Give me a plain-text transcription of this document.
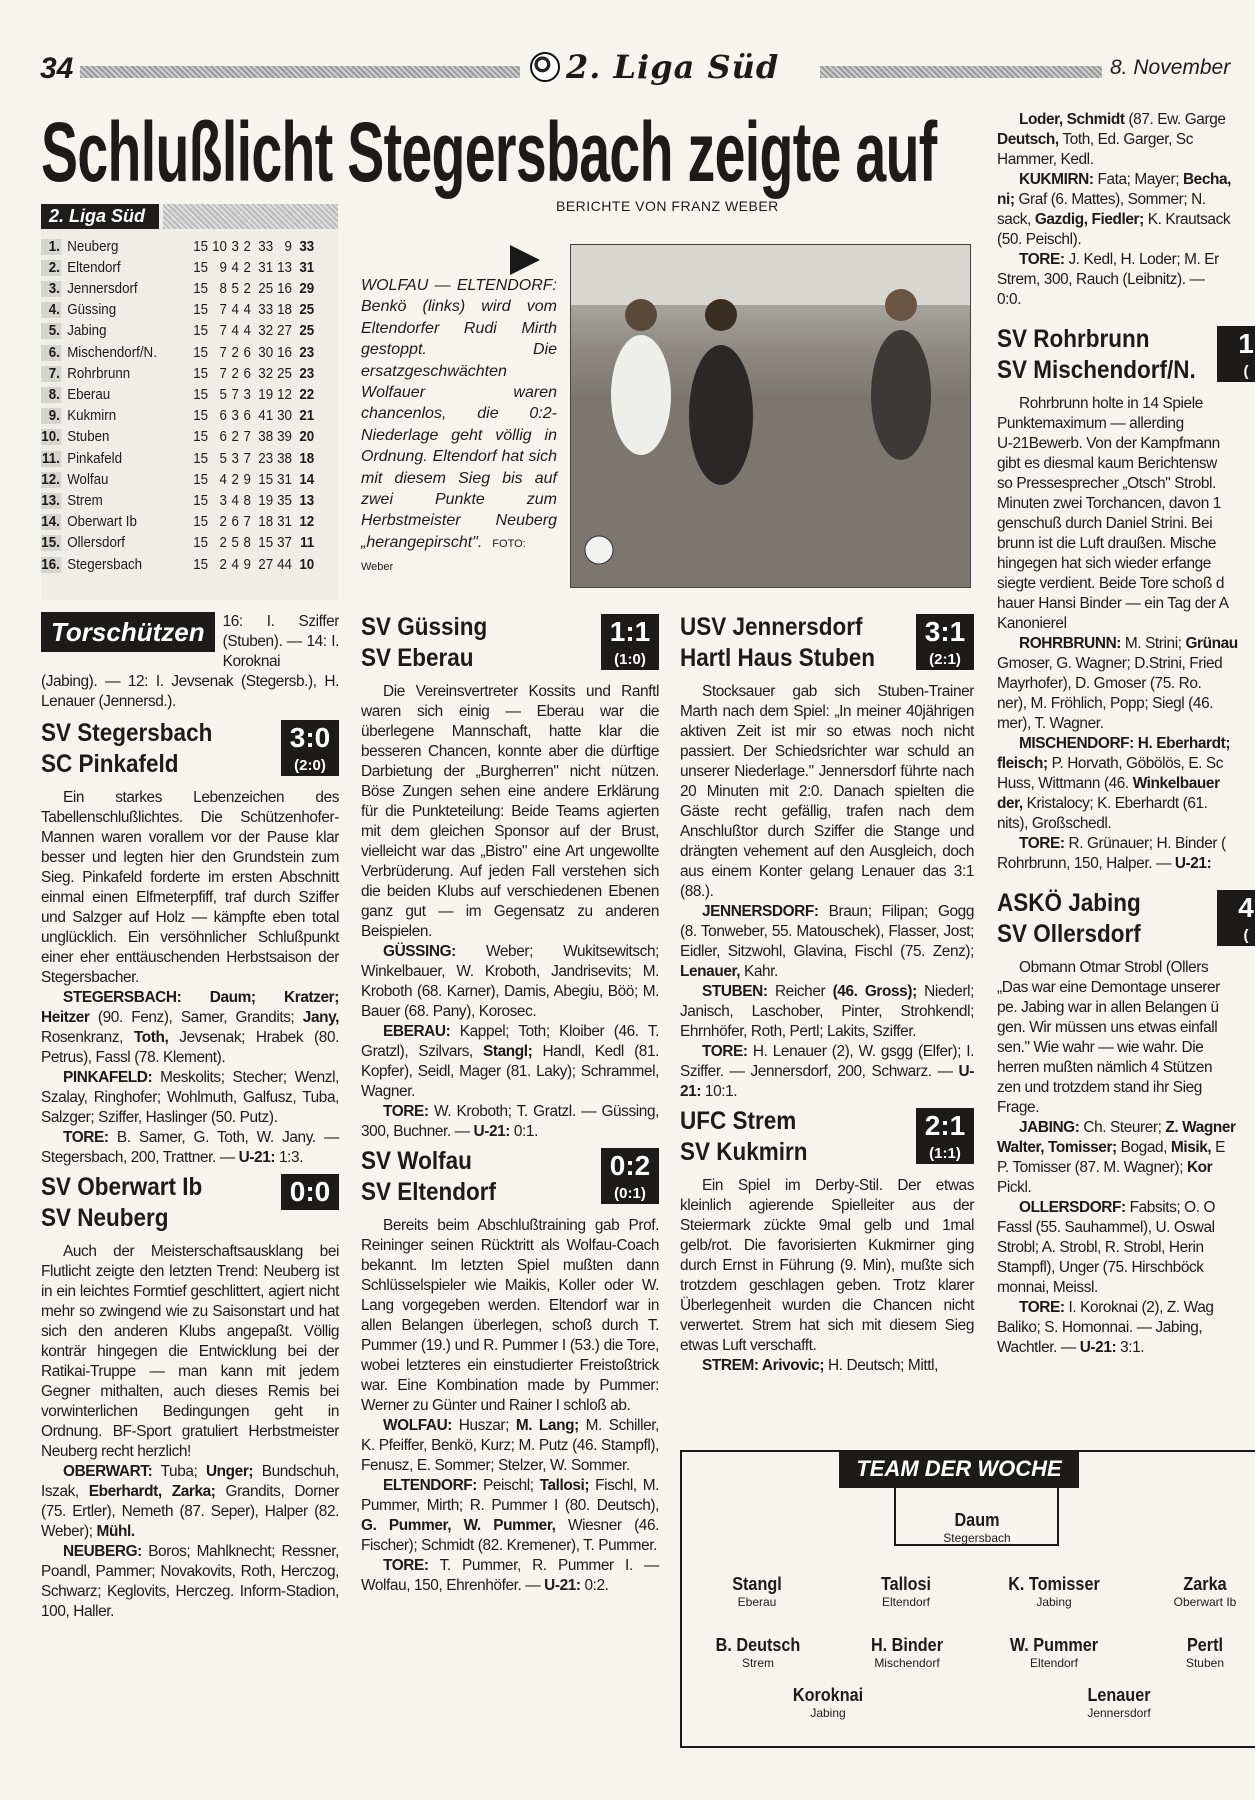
34	2. Liga Süd	8. November
Schlußlicht Stegersbach zeigte auf
BERICHTE VON FRANZ WEBER
2. Liga Süd
1. Neuberg	15 10 3 2 33 9 33
2. Eltendorf	15 9 4 2 31 13 31
3. Jennersdorf	15 8 5 2 25 16 29
4. Güssing	15 7 4 4 33 18 25
5. Jabing	15 7 4 4 32 27 25
6. Mischendorf/N.	15 7 2 6 30 16 23
7. Rohrbrunn	15 7 2 6 32 25 23
8. Eberau	15 5 7 3 19 12 22
9. Kukmirn	15 6 3 6 41 30 21
10. Stuben	15 6 2 7 38 39 20
11. Pinkafeld	15 5 3 7 23 38 18
12. Wolfau	15 4 2 9 15 31 14
13. Strem	15 3 4 8 19 35 13
14. Oberwart Ib	15 2 6 7 18 31 12
15. Ollersdorf	15 2 5 8 15 37 11
16. Stegersbach	15 2 4 9 27 44 10
WOLFAU — ELTENDORF: Benkö (links) wird vom Eltendorfer Rudi Mirth gestoppt. Die ersatzgeschwächten Wolfauer waren chancenlos, die 0:2-Niederlage geht völlig in Ordnung. Eltendorf hat sich mit diesem Sieg bis auf zwei Punkte zum Herbstmeister Neuberg „herangepirscht". FOTO: Weber
Torschützen	16: I. Sziffer (Stuben). — 14: I. Koroknai (Jabing). — 12: I. Jevsenak (Stegersb.), H. Lenauer (Jennersd.).
SV Stegersbach
SC Pinkafeld
3:0
(2:0)

Ein starkes Lebenzeichen des Tabellenschlußlichtes. Die Schützenhofer-Mannen waren vorallem vor der Pause klar besser und legten hier den Grundstein zum Sieg. Pinkafeld forderte im ersten Abschnitt einmal einen Elfmeterpfiff, traf durch Sziffer und Salzger auf Holz — kämpfte eben total unglücklich. Ein versöhnlicher Schlußpunkt einer eher enttäuschenden Herbstsaison der Stegersbacher.

STEGERSBACH: Daum; Kratzer; Heitzer (90. Fenz), Samer, Grandits; Jany, Rosenkranz, Toth, Jevsenak; Hrabek (80. Petrus), Fassl (78. Klement).

PINKAFELD: Meskolits; Stecher; Wenzl, Szalay, Ringhofer; Wohlmuth, Galfusz, Tuba, Salzger; Sziffer, Haslinger (50. Putz).

TORE: B. Samer, G. Toth, W. Jany. — Stegersbach, 200, Trattner. — U-21: 1:3.

SV Oberwart Ib
SV Neuberg
0:0

Auch der Meisterschaftsausklang bei Flutlicht zeigte den letzten Trend: Neuberg ist in ein leichtes Formtief geschlittert, agiert nicht mehr so zwingend wie zu Saisonstart und hat sich den anderen Klubs angepaßt. Völlig konträr hingegen die Entwicklung bei der Ratikai-Truppe — man kann mit jedem Gegner mithalten, auch dieses Remis bei vorwinterlichen Bedingungen geht in Ordnung. BF-Sport gratuliert Herbstmeister Neuberg recht herzlich!

OBERWART: Tuba; Unger; Bundschuh, Iszak, Eberhardt, Zarka; Grandits, Dorner (75. Ertler), Nemeth (87. Seper), Halper (82. Weber); Mühl.

NEUBERG: Boros; Mahlknecht; Ressner, Poandl, Pammer; Novakovits, Roth, Herczog, Schwarz; Keglovits, Herczeg. Inform-Stadion, 100, Haller.

SV Güssing
SV Eberau
1:1
(1:0)

Die Vereinsvertreter Kossits und Ranftl waren sich einig — Eberau war die überlegene Mannschaft, hatte klar die besseren Chancen, konnte aber die dürftige Darbietung der „Burgherren" nicht nützen. Böse Zungen sehen eine andere Erklärung für die Punkteteilung: Beide Teams agierten mit dem gleichen Sponsor auf der Brust, vielleicht war das „Bistro" eine Art ungewollte Verbrüderung. Auf jeden Fall verstehen sich die beiden Klubs auf verschiedenen Ebenen ganz gut — im Gegensatz zu anderen Beispielen.

GÜSSING: Weber; Wukitsewitsch; Winkelbauer, W. Kroboth, Jandrisevits; M. Kroboth (68. Karner), Damis, Abegiu, Böö; M. Bauer (68. Pany), Korosec.

EBERAU: Kappel; Toth; Kloiber (46. T. Gratzl), Szilvars, Stangl; Handl, Kedl (81. Kopfer), Seidl, Mager (81. Laky); Schrammel, Wagner.

TORE: W. Kroboth; T. Gratzl. — Güssing, 300, Buchner. — U-21: 0:1.

SV Wolfau
SV Eltendorf
0:2
(0:1)

Bereits beim Abschlußtraining gab Prof. Reininger seinen Rücktritt als Wolfau-Coach bekannt. Im letzten Spiel mußten dann Schlüsselspieler wie Maikis, Koller oder W. Lang vorgegeben werden. Eltendorf war in allen Belangen überlegen, schoß durch T. Pummer (19.) und R. Pummer I (53.) die Tore, wobei letzteres ein einstudierter Freistoßtrick war. Eine Kombination made by Pummer: Werner zu Günter und Rainer I schloß ab.

WOLFAU: Huszar; M. Lang; M. Schiller, K. Pfeiffer, Benkö, Kurz; M. Putz (46. Stampfl), Fenusz, E. Sommer; Stelzer, W. Sommer.

ELTENDORF: Peischl; Tallosi; Fischl, M. Pummer, Mirth; R. Pummer I (80. Deutsch), G. Pummer, W. Pummer, Wiesner (46. Fischer); Schmidt (82. Kremener), T. Pummer.

TORE: T. Pummer, R. Pummer I. — Wolfau, 150, Ehrenhöfer. — U-21: 0:2.

USV Jennersdorf
Hartl Haus Stuben
3:1
(2:1)

Stocksauer gab sich Stuben-Trainer Marth nach dem Spiel: „In meiner 40jährigen aktiven Zeit ist mir so etwas noch nicht passiert. Der Schiedsrichter war schuld an unserer Niederlage." Jennersdorf führte nach 20 Minuten mit 2:0. Danach spielten die Gäste recht gefällig, trafen nach dem Anschlußtor durch Sziffer die Stange und drängten vehement auf den Ausgleich, doch aus einem Konter gelang Lenauer das 3:1 (88.).

JENNERSDORF: Braun; Filipan; Gogg (8. Tonweber, 55. Matouschek), Flasser, Jost; Eidler, Sitzwohl, Glavina, Fischl (75. Zenz); Lenauer, Kahr.

STUBEN: Reicher (46. Gross); Niederl; Janisch, Laschober, Pinter, Strohkendl; Ehrnhöfer, Roth, Pertl; Lakits, Sziffer.

TORE: H. Lenauer (2), W. gsgg (Elfer); I. Sziffer. — Jennersdorf, 200, Schwarz. — U-21: 10:1.

UFC Strem
SV Kukmirn
2:1
(1:1)

Ein Spiel im Derby-Stil. Der etwas kleinlich agierende Spielleiter aus der Steiermark zückte 9mal gelb und 1mal gelb/rot. Die favorisierten Kukmirner ging durch Ernst in Führung (9. Min), mußte sich trotzdem geschlagen geben. Trotz klarer Überlegenheit wurden die Chancen nicht verwertet. Strem hat sich mit diesem Sieg etwas Luft verschafft.

STREM: Arivovic; H. Deutsch; Mittl,

Loder, Schmidt (87. Ew. Garge
Deutsch, Toth, Ed. Garger, Sc
Hammer, Kedl.

KUKMIRN: Fata; Mayer; Becha,
ni; Graf (6. Mattes), Sommer; N.
sack, Gazdig, Fiedler; K. Krautsack
(50. Peischl).

TORE: J. Kedl, H. Loder; M. Er
Strem, 300, Rauch (Leibnitz). —
0:0.

SV Rohrbrunn
SV Mischendorf/N.
1
(

Rohrbrunn holte in 14 Spiele
Punktemaximum — allerding
U-21Bewerb. Von der Kampfmann
gibt es diesmal kaum Berichtensw
so Pressesprecher „Otsch" Strobl.
Minuten zwei Torchancen, davon 1
genschuß durch Daniel Strini. Bei
brunn ist die Luft draußen. Mische
hingegen hat sich wieder erfange
siegte verdient. Beide Tore schoß d
hauer Hansi Binder — ein Tag der A
Kanonierel

ROHRBRUNN: M. Strini; Grünau
Gmoser, G. Wagner; D.Strini, Fried
Mayrhofer), D. Gmoser (75. Ro.
ner), M. Fröhlich, Popp; Siegl (46.
mer), T. Wagner.

MISCHENDORF: H. Eberhardt;
fleisch; P. Horvath, Göbölös, E. Sc
Huss, Wittmann (46. Winkelbauer
der, Kristalocy; K. Eberhardt (61.
nits), Großschedl.

TORE: R. Grünauer; H. Binder (
Rohrbrunn, 150, Halper. — U-21:

ASKÖ Jabing
SV Ollersdorf
4
(

Obmann Otmar Strobl (Ollers
„Das war eine Demontage unserer
pe. Jabing war in allen Belangen ü
gen. Wir müssen uns etwas einfall
sen." Wie wahr — wie wahr. Die
herren mußten nämlich 4 Stützen
zen und trotzdem stand ihr Sieg
Frage.

JABING: Ch. Steurer; Z. Wagner
Walter, Tomisser; Bogad, Misik, E
P. Tomisser (87. M. Wagner); Kor
Pickl.

OLLERSDORF: Fabsits; O. O
Fassl (55. Sauhammel), U. Oswal
Strobl; A. Strobl, R. Strobl, Herin
Stampfl), Unger (75. Hirschböck
monnai, Meissl.

TORE: I. Koroknai (2), Z. Wag
Baliko; S. Homonnai. — Jabing,
Wachtler. — U-21: 3:1.

TEAM DER WOCHE
Daum
Stegersbach
Stangl
Eberau
Tallosi
Eltendorf
K. Tomisser
Jabing
Zarka
Oberwart Ib
B. Deutsch
Strem
H. Binder
Mischendorf
W. Pummer
Eltendorf
Pertl
Stuben
Koroknai
Jabing
Lenauer
Jennersdorf
